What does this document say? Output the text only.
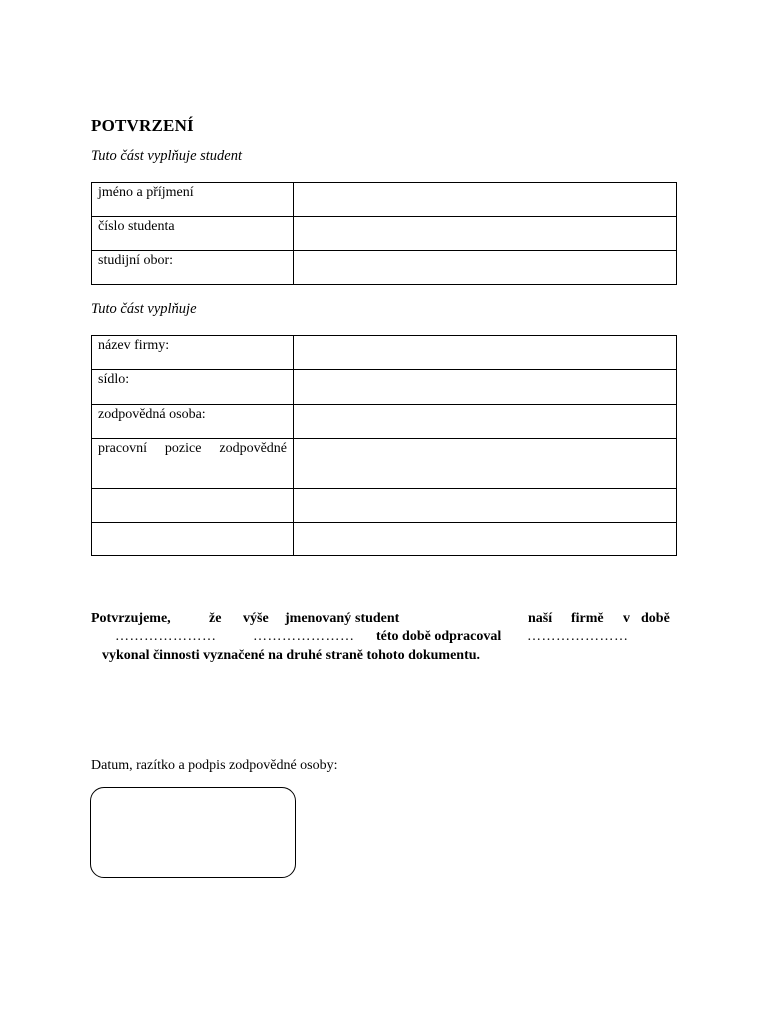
POTVRZENÍ
Tuto část vyplňuje student
jméno a příjmení	
číslo studenta	
studijní obor:	
Tuto část vyplňuje
název firmy:	
sídlo:	
zodpovědná osoba:	
pracovní pozice zodpovědné	

Potvrzujeme,	že výše jmenovaný student	naší firmě v době
…………………	………………… této době odpracoval …………………
vykonal činnosti vyznačené na druhé straně tohoto dokumentu.
Datum, razítko a podpis zodpovědné osoby:
